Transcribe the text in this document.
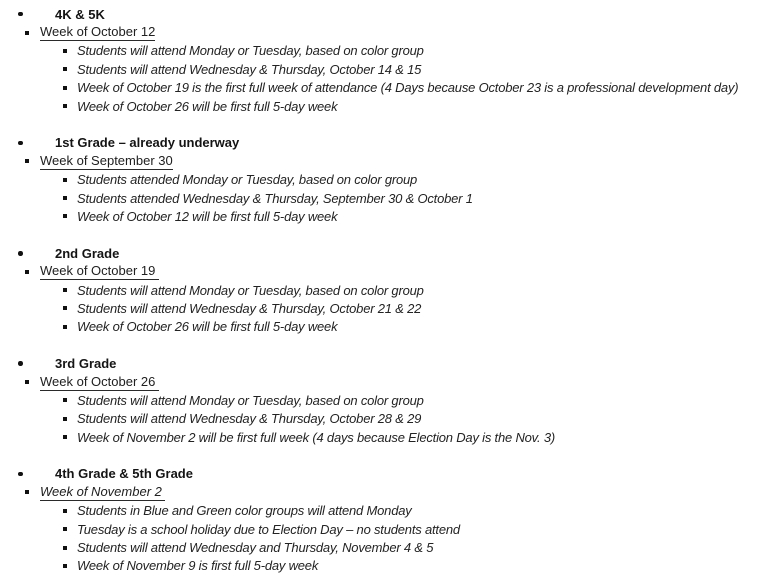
4K & 5K
Week of October 12
Students will attend Monday or Tuesday, based on color group
Students will attend Wednesday & Thursday, October 14 & 15
Week of October 19 is the first full week of attendance (4 Days because October 23 is a professional development day)
Week of October 26 will be first full 5-day week
1st Grade – already underway
Week of September 30
Students attended Monday or Tuesday, based on color group
Students attended Wednesday & Thursday, September 30 & October 1
Week of October 12 will be first full 5-day week
2nd Grade
Week of October 19
Students will attend Monday or Tuesday, based on color group
Students will attend Wednesday & Thursday, October 21 & 22
Week of October 26 will be first full 5-day week
3rd Grade
Week of October 26
Students will attend Monday or Tuesday, based on color group
Students will attend Wednesday & Thursday, October 28 & 29
Week of November 2 will be first full week (4 days because Election Day is the Nov. 3)
4th Grade & 5th Grade
Week of November 2
Students in Blue and Green color groups will attend Monday
Tuesday is a school holiday due to Election Day – no students attend
Students will attend Wednesday and Thursday, November 4 & 5
Week of November 9 is first full 5-day week
